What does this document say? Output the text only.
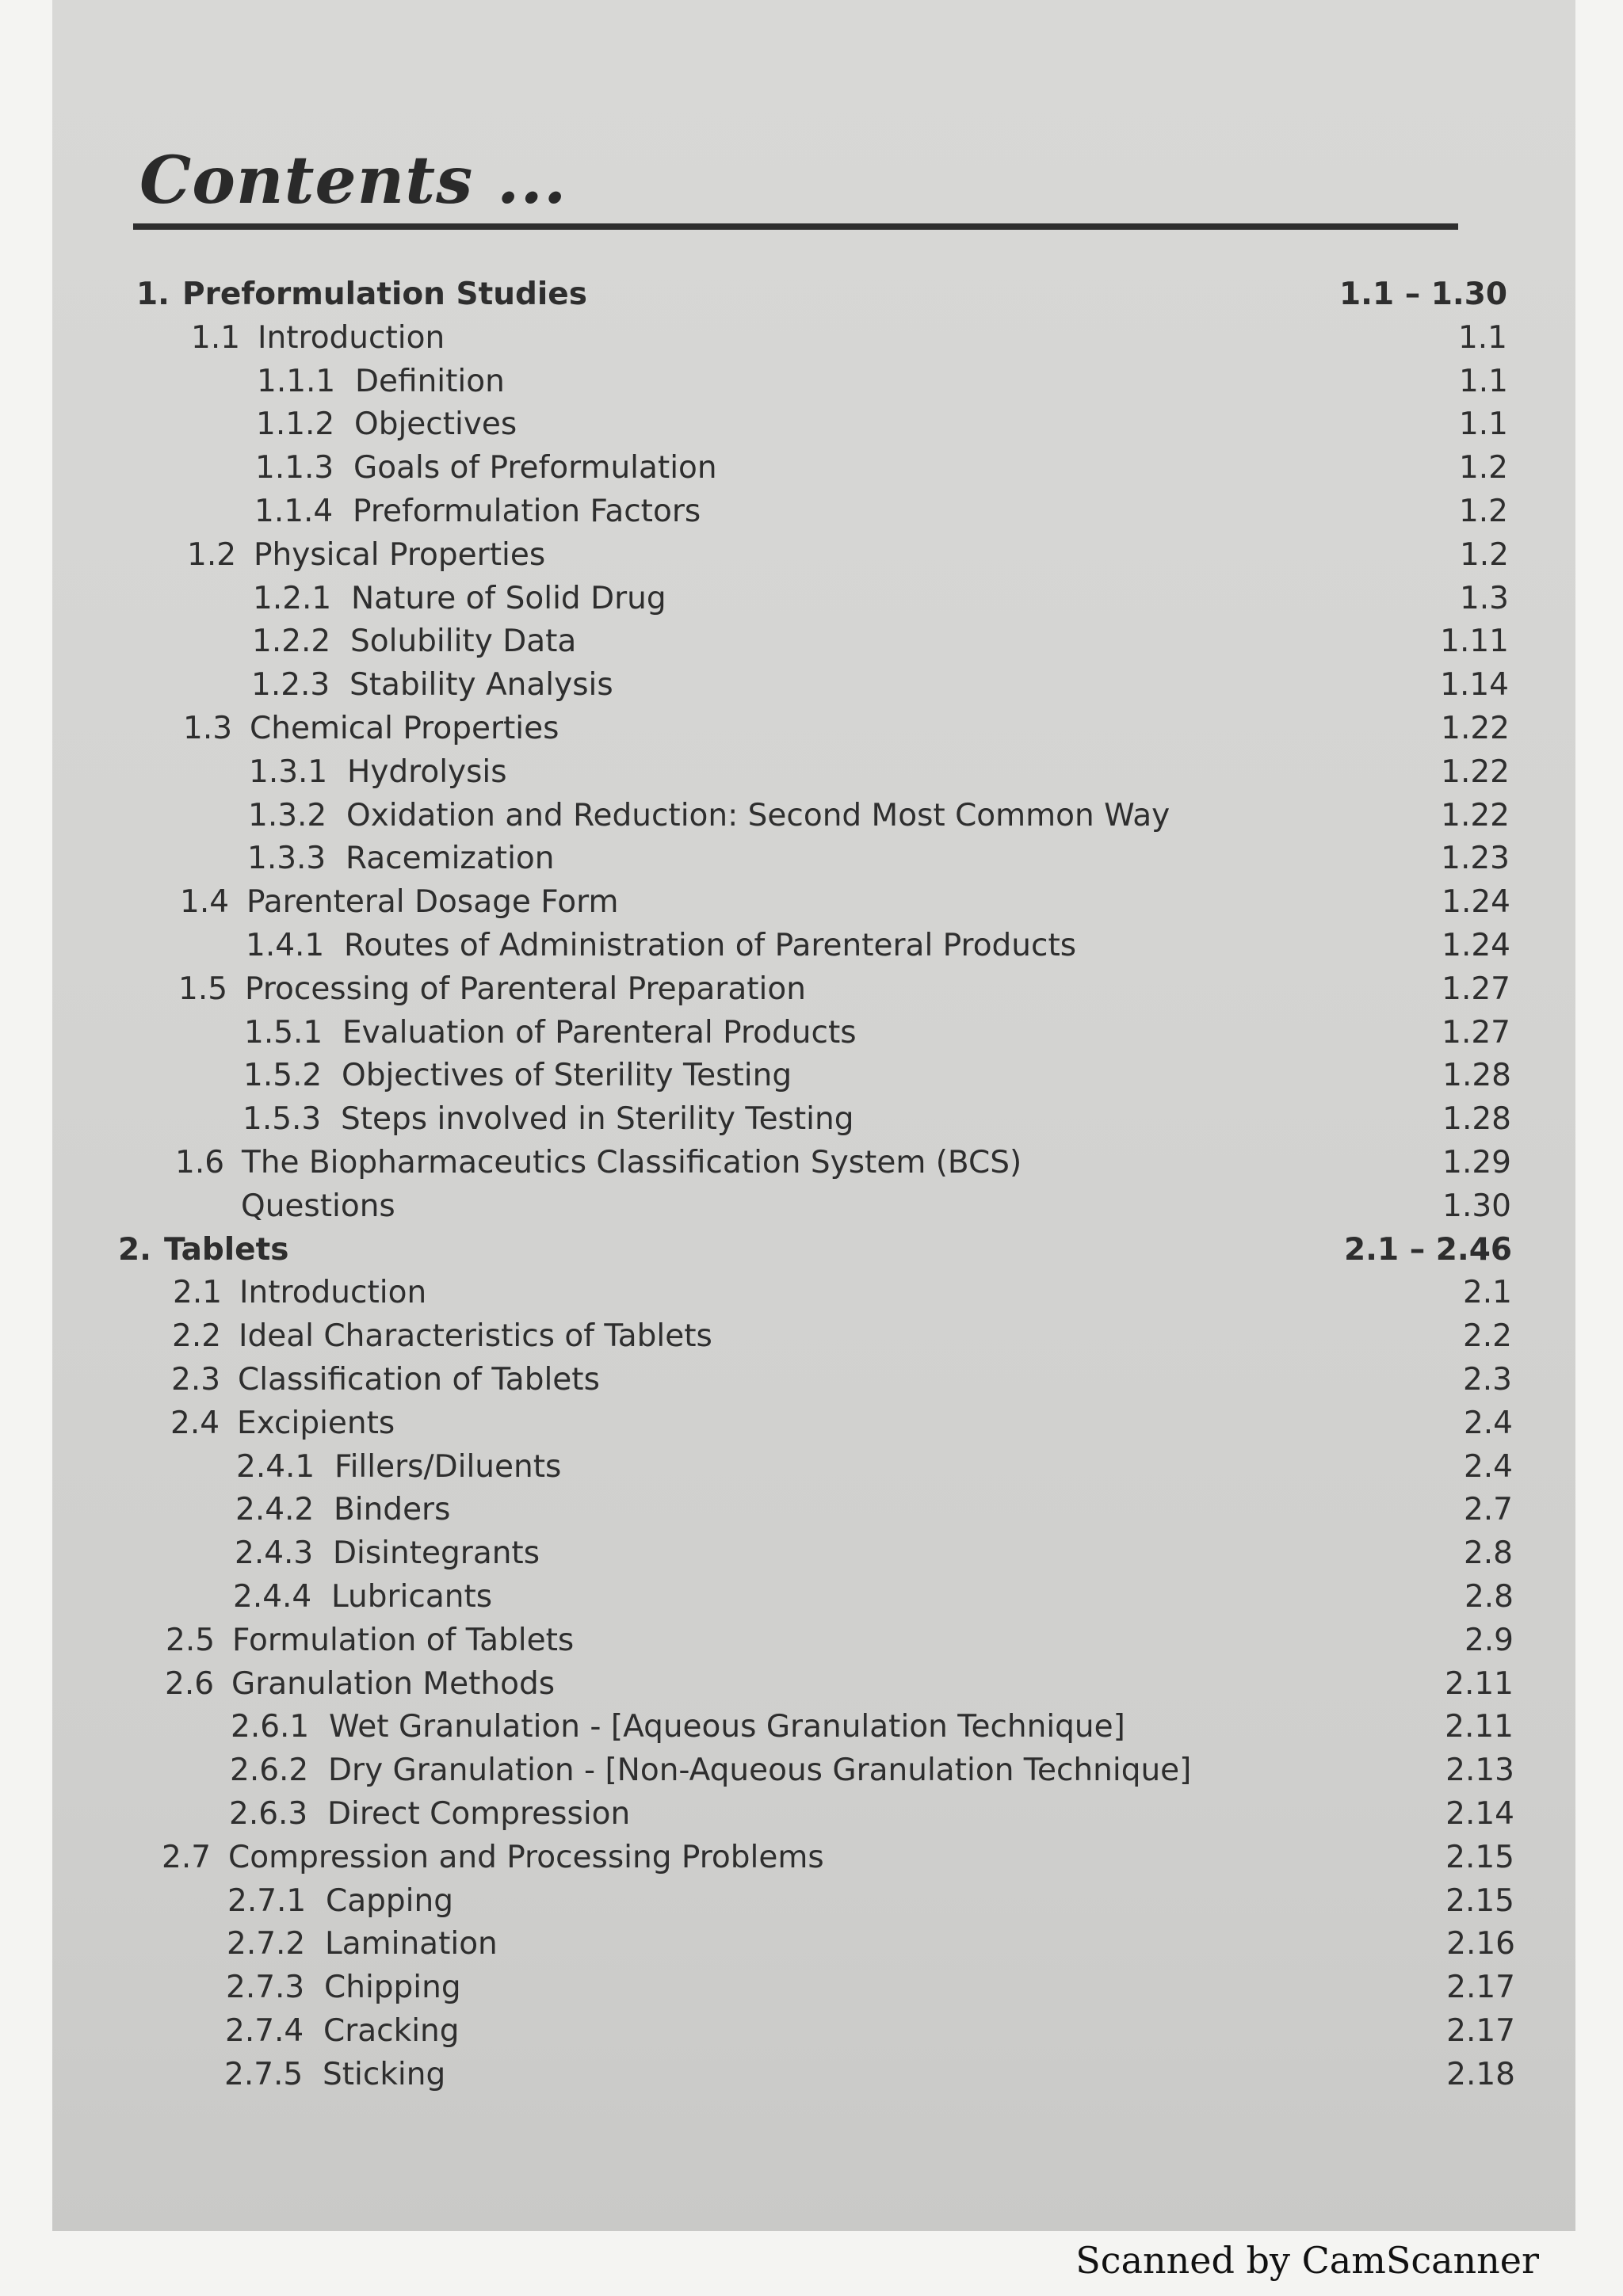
Contents ...
1. Preformulation Studies	1.1 – 1.30
1.1 Introduction	1.1
1.1.1 Definition	1.1
1.1.2 Objectives	1.1
1.1.3 Goals of Preformulation	1.2
1.1.4 Preformulation Factors	1.2
1.2 Physical Properties	1.2
1.2.1 Nature of Solid Drug	1.3
1.2.2 Solubility Data	1.11
1.2.3 Stability Analysis	1.14
1.3 Chemical Properties	1.22
1.3.1 Hydrolysis	1.22
1.3.2 Oxidation and Reduction: Second Most Common Way	1.22
1.3.3 Racemization	1.23
1.4 Parenteral Dosage Form	1.24
1.4.1 Routes of Administration of Parenteral Products	1.24
1.5 Processing of Parenteral Preparation	1.27
1.5.1 Evaluation of Parenteral Products	1.27
1.5.2 Objectives of Sterility Testing	1.28
1.5.3 Steps involved in Sterility Testing	1.28
1.6 The Biopharmaceutics Classification System (BCS)	1.29
Questions	1.30
2. Tablets	2.1 – 2.46
2.1 Introduction	2.1
2.2 Ideal Characteristics of Tablets	2.2
2.3 Classification of Tablets	2.3
2.4 Excipients	2.4
2.4.1 Fillers/Diluents	2.4
2.4.2 Binders	2.7
2.4.3 Disintegrants	2.8
2.4.4 Lubricants	2.8
2.5 Formulation of Tablets	2.9
2.6 Granulation Methods	2.11
2.6.1 Wet Granulation - [Aqueous Granulation Technique]	2.11
2.6.2 Dry Granulation - [Non-Aqueous Granulation Technique]	2.13
2.6.3 Direct Compression	2.14
2.7 Compression and Processing Problems	2.15
2.7.1 Capping	2.15
2.7.2 Lamination	2.16
2.7.3 Chipping	2.17
2.7.4 Cracking	2.17
2.7.5 Sticking	2.18
Scanned by CamScanner
